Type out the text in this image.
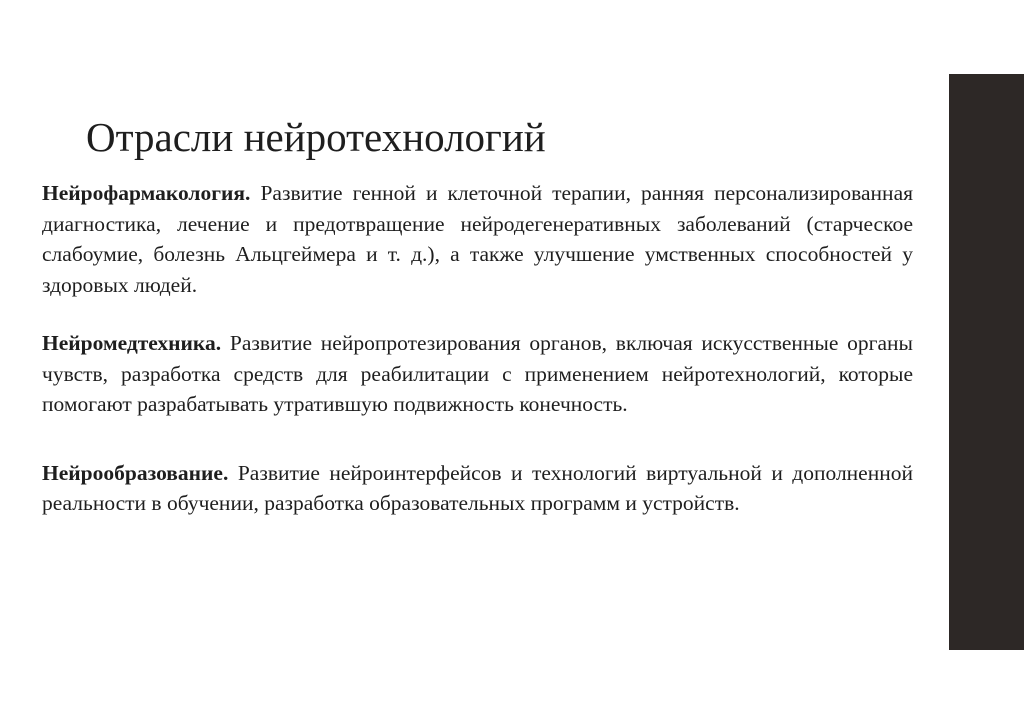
Отрасли нейротехнологий

Нейрофармакология. Развитие генной и клеточной терапии, ранняя персонализированная диагностика, лечение и предотвращение нейродегенеративных заболеваний (старческое слабоумие, болезнь Альцгеймера и т. д.), а также улучшение умственных способностей у здоровых людей.

Нейромедтехника. Развитие нейропротезирования органов, включая искусственные органы чувств, разработка средств для реабилитации с применением нейротехнологий, которые помогают разрабатывать утратившую подвижность конечность.

Нейрообразование. Развитие нейроинтерфейсов и технологий виртуальной и дополненной реальности в обучении, разработка образовательных программ и устройств.
